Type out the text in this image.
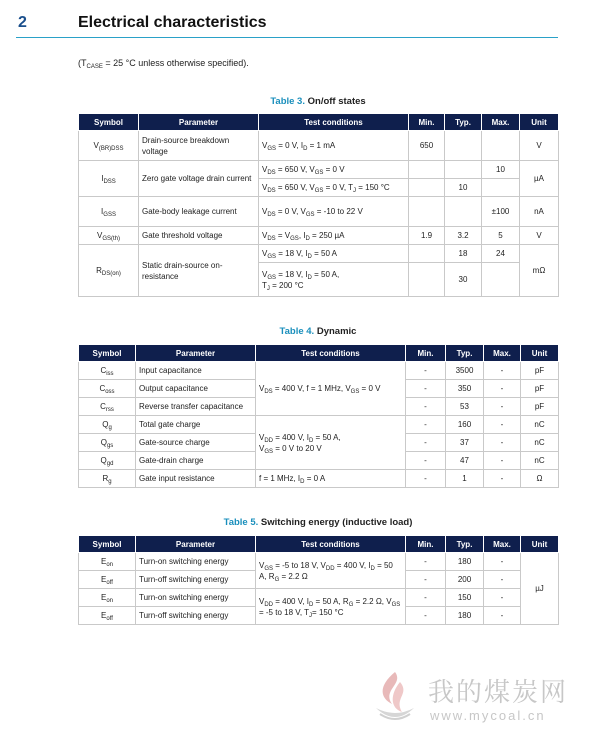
2	Electrical characteristics
($T_{CASE} = 25$ °C unless otherwise specified).
Table 3. On/off states
Symbol	Parameter	Test conditions	Min.	Typ.	Max.	Unit
$V_{(BR)DSS}$	Drain-source breakdown voltage	$V_{GS} = 0$ V, $I_D = 1$ mA	650			V
$I_{DSS}$	Zero gate voltage drain current	$V_{DS} = 650$ V, $V_{GS} = 0$ V			10	µA
		$V_{DS} = 650$ V, $V_{GS} = 0$ V, $T_J = 150$ °C		10		
$I_{GSS}$	Gate-body leakage current	$V_{DS} = 0$ V, $V_{GS} = -10$ to 22 V			±100	nA
$V_{GS(th)}$	Gate threshold voltage	$V_{DS} = V_{GS}$, $I_D = 250$ µA	1.9	3.2	5	V
$R_{DS(on)}$	Static drain-source on-resistance	$V_{GS} = 18$ V, $I_D = 50$ A		18	24	mΩ
		$V_{GS} = 18$ V, $I_D = 50$ A,
$T_J = 200$ °C		30		
Table 4. Dynamic
Symbol	Parameter	Test conditions	Min.	Typ.	Max.	Unit
$C_{iss}$	Input capacitance	$V_{DS} = 400$ V, f = 1 MHz, $V_{GS} = 0$ V	-	3500	-	pF
$C_{oss}$	Output capacitance		-	350	-	pF
$C_{rss}$	Reverse transfer capacitance		-	53	-	pF
$Q_g$	Total gate charge	$V_{DD} = 400$ V, $I_D = 50$ A,
$V_{GS} = 0$ V to 20 V	-	160	-	nC
$Q_{gs}$	Gate-source charge		-	37	-	nC
$Q_{gd}$	Gate-drain charge		-	47	-	nC
$R_g$	Gate input resistance	f = 1 MHz, $I_D = 0$ A	-	1	-	Ω
Table 5. Switching energy (inductive load)
Symbol	Parameter	Test conditions	Min.	Typ.	Max.	Unit
$E_{on}$	Turn-on switching energy	$V_{GS} = -5$ to 18 V, $V_{DD} = 400$ V, $I_D = 50$ A, $R_G = 2.2$ Ω	-	180	-	µJ
$E_{off}$	Turn-off switching energy		-	200	-	
$E_{on}$	Turn-on switching energy	$V_{DD} = 400$ V, $I_D = 50$ A, $R_G = 2.2$ Ω, $V_{GS} = -5$ to 18 V, $T_J= 150$ °C	-	150	-	
$E_{off}$	Turn-off switching energy		-	180	-	
我的煤炭网
www.mycoal.cn
